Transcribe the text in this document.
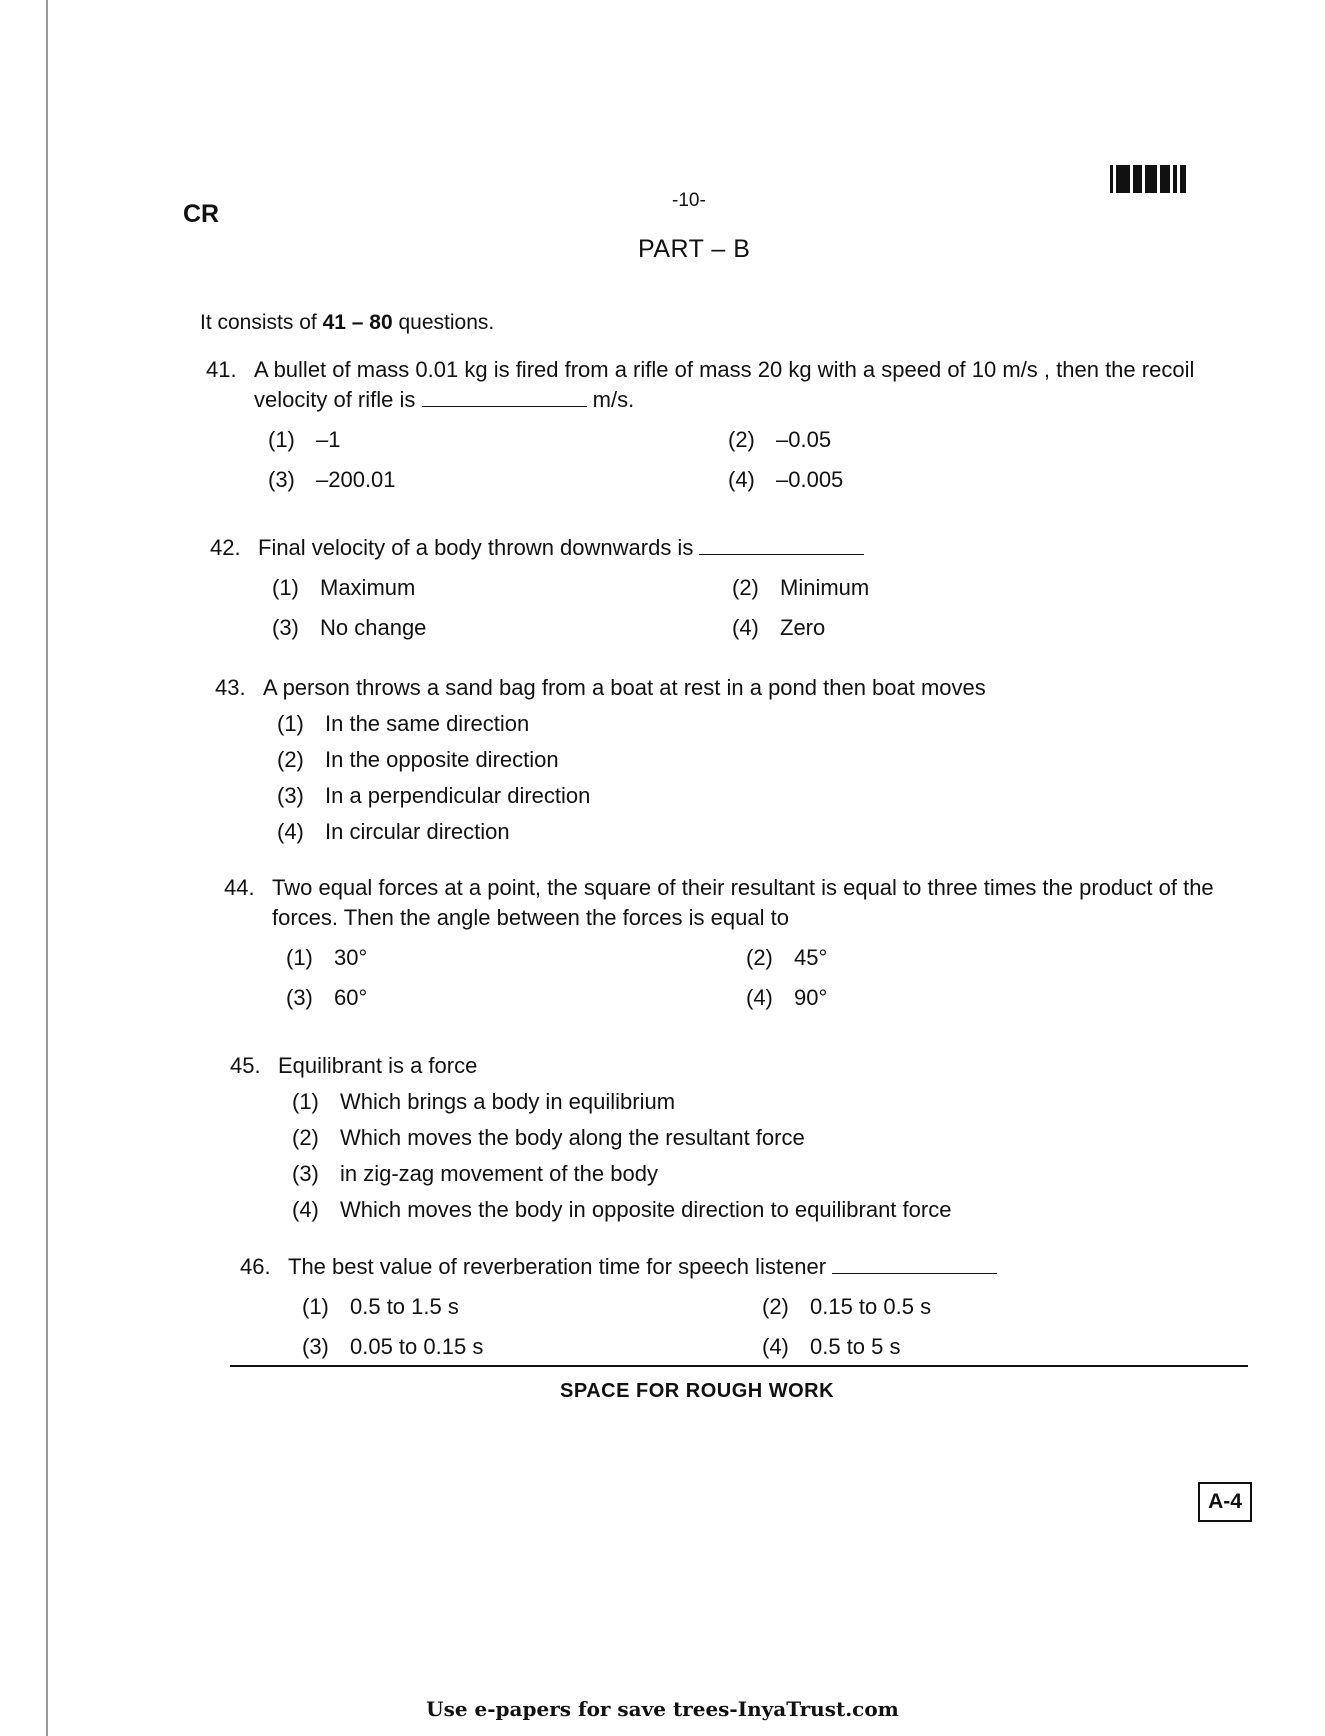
CR	-10-
PART – B
It consists of 41 – 80 questions.
41. A bullet of mass 0.01 kg is fired from a rifle of mass 20 kg with a speed of 10 m/s , then the recoil velocity of rifle is	m/s.
(1) –1	(2) –0.05
(3) –200.01	(4) –0.005
42. Final velocity of a body thrown downwards is
(1) Maximum	(2) Minimum
(3) No change	(4) Zero
43. A person throws a sand bag from a boat at rest in a pond then boat moves
(1) In the same direction
(2) In the opposite direction
(3) In a perpendicular direction
(4) In circular direction
44. Two equal forces at a point, the square of their resultant is equal to three times the product of the forces. Then the angle between the forces is equal to
(1) 30°	(2) 45°
(3) 60°	(4) 90°
45. Equilibrant is a force
(1) Which brings a body in equilibrium
(2) Which moves the body along the resultant force
(3) in zig-zag movement of the body
(4) Which moves the body in opposite direction to equilibrant force
46. The best value of reverberation time for speech listener
(1) 0.5 to 1.5 s	(2) 0.15 to 0.5 s
(3) 0.05 to 0.15 s	(4) 0.5 to 5 s
SPACE FOR ROUGH WORK
A-4
Use e-papers for save trees-InyaTrust.com
